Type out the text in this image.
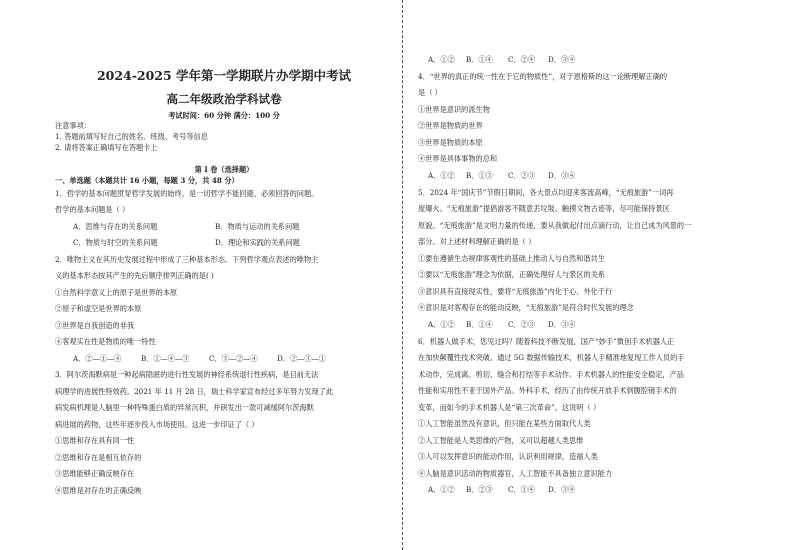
2024-2025 学年第一学期联片办学期中考试
高二年级政治学科试卷
考试时间：60 分钟 满分：100 分
注意事项：
1. 答题前填写好自己的姓名、班级、考号等信息
2. 请将答案正确填写在答题卡上
第 I 卷（选择题）
一、单选题（本题共计 16 小题，每题 3 分，共 48 分）
1．哲学的基本问题贯穿哲学发展的始终，是一切哲学不能回避、必须回答的问题。
哲学的基本问题是（ ）
A．思维与存在的关系问题	B．物质与运动的关系问题
C．物质与时空的关系问题	D．理论和实践的关系问题
2．唯物主义在其历史发展过程中形成了三种基本形态。下列哲学观点表述的唯物主
义的基本形态按其产生的先后顺序排列正确的是( )
①自然科学意义上的原子是世界的本原
②原子和虚空是世界的本原
③世界是自我创造的非我
④客观实在性是物质的唯一特性
A．②—①—④	B．①—④—③	C．③—②—④	D．②—③—①
3．阿尔茨海默病是一种起病隐匿的进行性发展的神经系统退行性疾病，是目前无法
病理学的进展性特效药。2021 年 11 月 28 日，瑞士科学家宣布经过多年努力发现了此
病发病机理是人脑里一种特殊蛋白质的异常沉积，并研发出一款可减缓阿尔茨海默
病进展的药物，这些年逐步投入市场使用。这进一步印证了（ ）
①思维和存在具有同一性
②思维和存在是相互依存的
③思维能够正确反映存在
④思维是对存在的正确反映
A．①② B．①④ C．②④ D．③④
4．“世界的真正的统一性在于它的物质性”，对于恩格斯的这一论断理解正确的
是（ ）
①世界是意识的派生物
②世界是物质的世界
③世界是物质的本原
④世界是具体事物的总和
A．①② B．①③ C．②③ D．③④
5．2024 年“国庆节”节假日期间，各大景点均迎来客流高峰，“无痕旅游”一词再
度爆火。“无痕旅游”提倡游客不随意丢垃圾、触摸文物古迹等，尽可能保持景区
原貌。“无痕旅游”是文明力量的传递，要从我做起付出点滴行动，让自己成为风景的一
部分。对上述材料理解正确的是（ ）
①要在遵循生态规律客观性的基础上推动人与自然和谐共生
②要以“无痕旅游”理念为依据，正确处理好人与景区的关系
③意识具有直接现实性，要将“无痕旅游”内化于心、外化于行
④意识是对客观存在的能动反映，“无痕旅游”是符合时代发展的理念
A．①② B．①④ C．②③ D．③④
6．机器人做手术，您见过吗？随着科技不断发展，国产“妙手”微创手术机器人正
在加快颠覆性技术突破。通过 5G 数据传输技术，机器人手精准地复现工作人员的手
术动作，完成离、剪切、缝合和打结等手术动作。手术机器人的性能安全稳定，产品
性能和实用性不亚于国外产品。外科手术，经历了由传统开放手术到腹腔镜手术的
变革，而如今的手术机器人是“第三次革命”。这说明（ ）
①人工智能虽然没有意识，但只能在某些方面取代人类
②人工智能是人类思维的产物，又可以超越人类思维
③人可以发挥意识的能动作用，认识利用规律，造福人类
④人脑是意识活动的物质器官，人工智能不具备独立意识能力
A．①② B．②③ C．①④ D．③④
